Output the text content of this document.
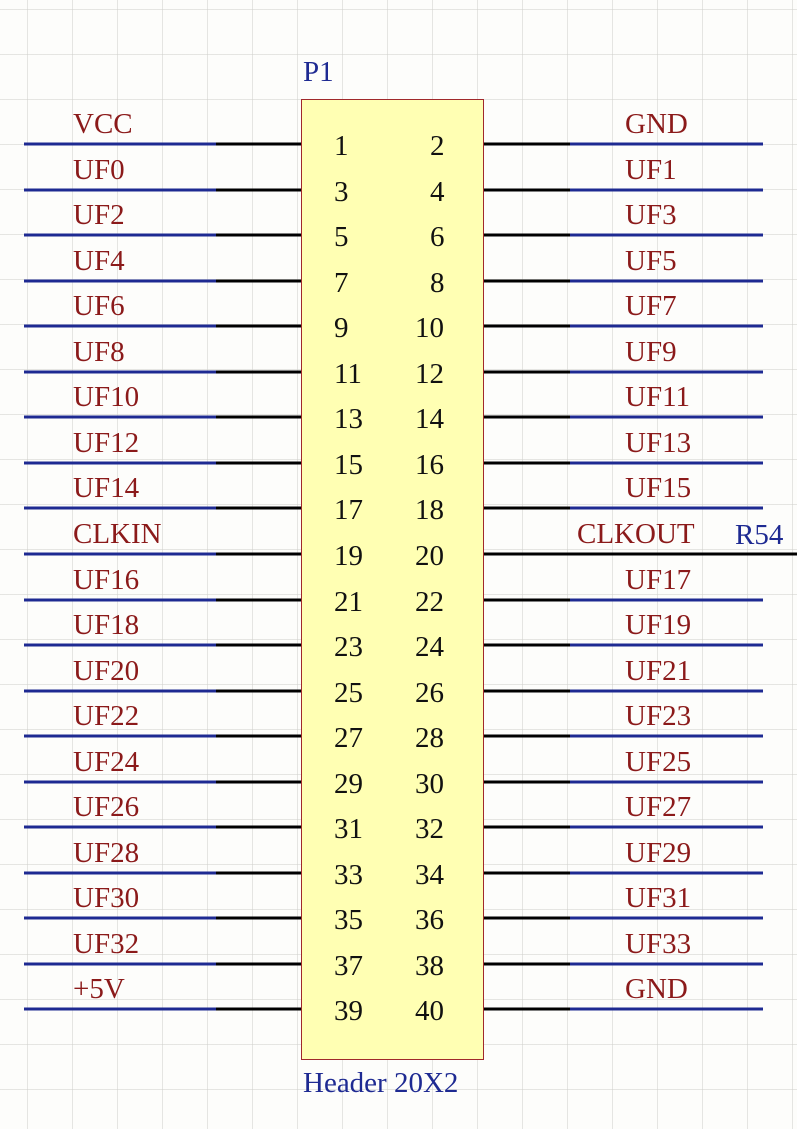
P1
Header 20X2
VCC
UF0
UF2
UF4
UF6
UF8
UF10
UF12
UF14
CLKIN
UF16
UF18
UF20
UF22
UF24
UF26
UF28
UF30
UF32
+5V
GND
UF1
UF3
UF5
UF7
UF9
UF11
UF13
UF15
CLKOUT
UF17
UF19
UF21
UF23
UF25
UF27
UF29
UF31
UF33
GND
1
3
5
7
9
11
13
15
17
19
21
23
25
27
29
31
33
35
37
39
2
4
6
8
10
12
14
16
18
20
22
24
26
28
30
32
34
36
38
40
R54
